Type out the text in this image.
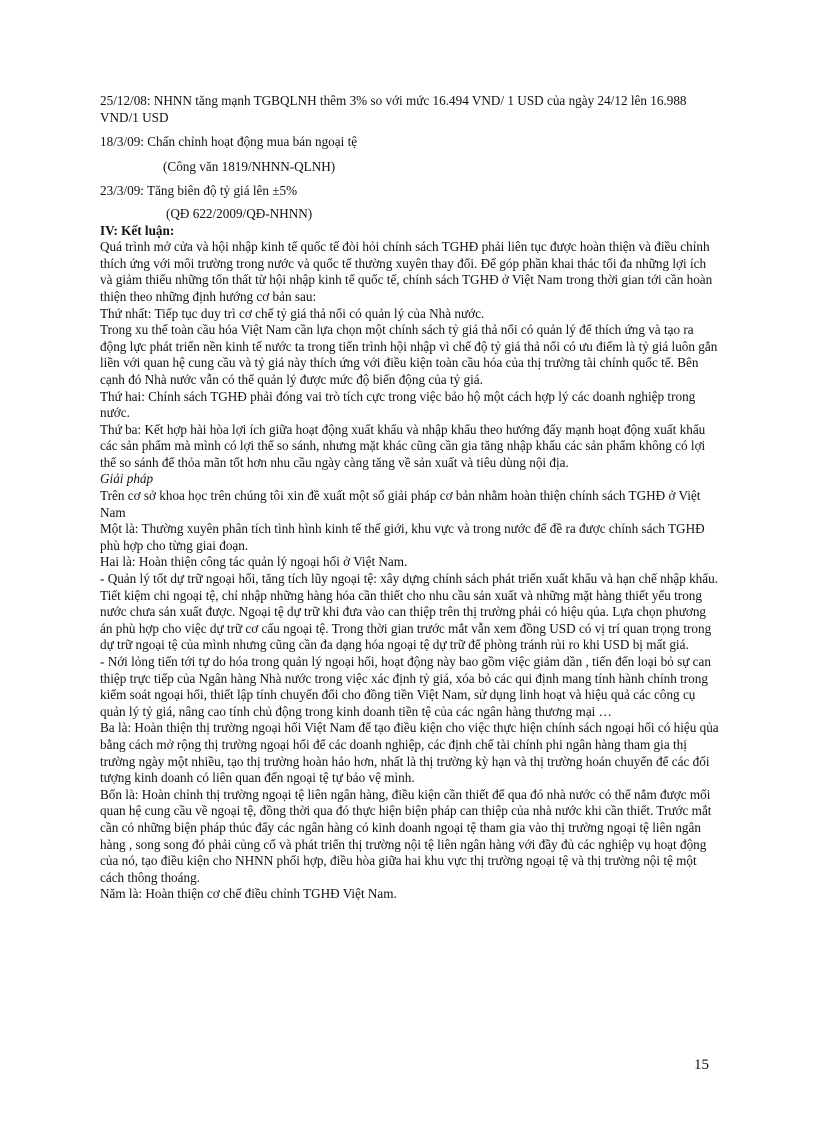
25/12/08: NHNN tăng mạnh TGBQLNH thêm 3% so với mức 16.494 VND/ 1 USD của ngày 24/12 lên 16.988 VND/1 USD

18/3/09: Chấn chỉnh hoạt động mua bán ngoại tệ

(Công văn 1819/NHNN-QLNH)

23/3/09: Tăng biên độ tỷ giá lên ±5%

(QĐ 622/2009/QĐ-NHNN)

IV: Kết luận:

Quá trình mở cửa và hội nhập kinh tế quốc tế đòi hỏi chính sách TGHĐ phải liên tục được hoàn thiện và điều chỉnh thích ứng với môi trường trong nước và quốc tế thường xuyên thay đổi. Để góp phần khai thác tối đa những lợi ích và giảm thiểu những tổn thất từ hội nhập kinh tế quốc tế, chính sách TGHĐ ở Việt Nam trong thời gian tới cần hoàn thiện theo những định hướng cơ bản sau:

Thứ nhất: Tiếp tục duy trì cơ chế tỷ giá thả nổi có quản lý của Nhà nước.

Trong xu thế toàn cầu hóa Việt Nam cần lựa chọn một chính sách tỷ giá thả nổi có quản lý để thích ứng và tạo ra động lực phát triển nền kinh tế nước ta trong tiến trình hội nhập vì chế độ tỷ giá thả nổi có ưu điểm là tỷ giá luôn gắn liền với quan hệ cung cầu và tỷ giá này thích ứng với điều kiện toàn cầu hóa của thị trường tài chính quốc tế. Bên cạnh đó Nhà nước vẫn có thể quản lý được mức độ biến động của tỷ giá.

Thứ hai: Chính sách TGHĐ phải đóng vai trò tích cực trong việc bảo hộ một cách hợp lý các doanh nghiệp trong nước.

Thứ ba: Kết hợp hài hòa lợi ích giữa hoạt động xuất khẩu và nhập khẩu theo hướng đẩy mạnh hoạt động xuất khẩu các sản phẩm mà mình có lợi thế so sánh, nhưng mặt khác cũng cần gia tăng nhập khẩu các sản phẩm không có lợi thế so sánh để thỏa mãn tốt hơn nhu cầu ngày càng tăng về sản xuất và tiêu dùng nội địa.

Giải pháp

Trên cơ sở khoa học trên chúng tôi xin đề xuất một số giải pháp cơ bản nhằm hoàn thiện chính sách TGHĐ ở Việt Nam

Một là: Thường xuyên phân tích tình hình kinh tế thế giới, khu vực và trong nước để đề ra được chính sách TGHĐ phù hợp cho từng giai đoạn.

Hai là: Hoàn thiện công tác quản lý ngoại hối ở Việt Nam.

- Quản lý tốt dự trữ ngoại hối, tăng tích lũy ngoại tệ: xây dựng chính sách phát triển xuất khẩu và hạn chế nhập khẩu. Tiết kiệm chi ngoại tệ, chỉ nhập những hàng hóa cần thiết cho nhu cầu sản xuất và những mặt hàng thiết yếu trong nước chưa sản xuất được. Ngoại tệ dự trữ khi đưa vào can thiệp trên thị trường phải có hiệu qủa. Lựa chọn phương án phù hợp cho việc dự trữ cơ cấu ngoại tệ. Trong thời gian trước mắt vẫn xem đồng USD có vị trí quan trọng trong dự trữ ngoại tệ của mình nhưng cũng cần đa dạng hóa ngoại tệ dự trữ để phòng tránh rủi ro khi USD bị mất giá.

- Nới lỏng tiến tới tự do hóa trong quản lý ngoại hối, hoạt động này bao gồm việc giảm dần , tiến đến loại bỏ sự can thiệp trực tiếp của Ngân hàng Nhà nước trong việc xác định tỷ giá, xóa bỏ các qui định mang tính hành chính trong kiểm soát ngoại hối, thiết lập tính chuyển đổi cho đồng tiền Việt Nam, sử dụng linh hoạt và hiệu quả các công cụ quản lý tỷ giá, nâng cao tính chủ động trong kinh doanh tiền tệ của các ngân hàng thương mại …

Ba là: Hoàn thiện thị trường ngoại hối Việt Nam để tạo điều kiện cho việc thực hiện chính sách ngoại hối có hiệu qủa bằng cách mở rộng thị trường ngoại hối để các doanh nghiệp, các định chế tài chính phi ngân hàng tham gia thị trường ngày một nhiều, tạo thị trường hoàn hảo hơn, nhất là thị trường kỳ hạn và thị trường hoán chuyển để các đối tượng kinh doanh có liên quan đến ngoại tệ tự bảo vệ mình.

Bốn là: Hoàn chỉnh thị trường ngoại tệ liên ngân hàng, điều kiện cần thiết để qua đó nhà nước có thể nắm được mối quan hệ cung cầu về ngoại tệ, đồng thời qua đó thực hiện biện pháp can thiệp của nhà nước khi cần thiết. Trước mắt cần có những biện pháp thúc đẩy các ngân hàng có kinh doanh ngoại tệ tham gia vào thị trường ngoại tệ liên ngân hàng , song song đó phải củng cố và phát triển thị trường nội tệ liên ngân hàng với đầy đủ các nghiệp vụ hoạt động của nó, tạo điều kiện cho NHNN phối hợp, điều hòa giữa hai khu vực thị trường ngoại tệ và thị trường nội tệ một cách thông thoáng.

Năm là: Hoàn thiện cơ chế điều chỉnh TGHĐ Việt Nam.

15
